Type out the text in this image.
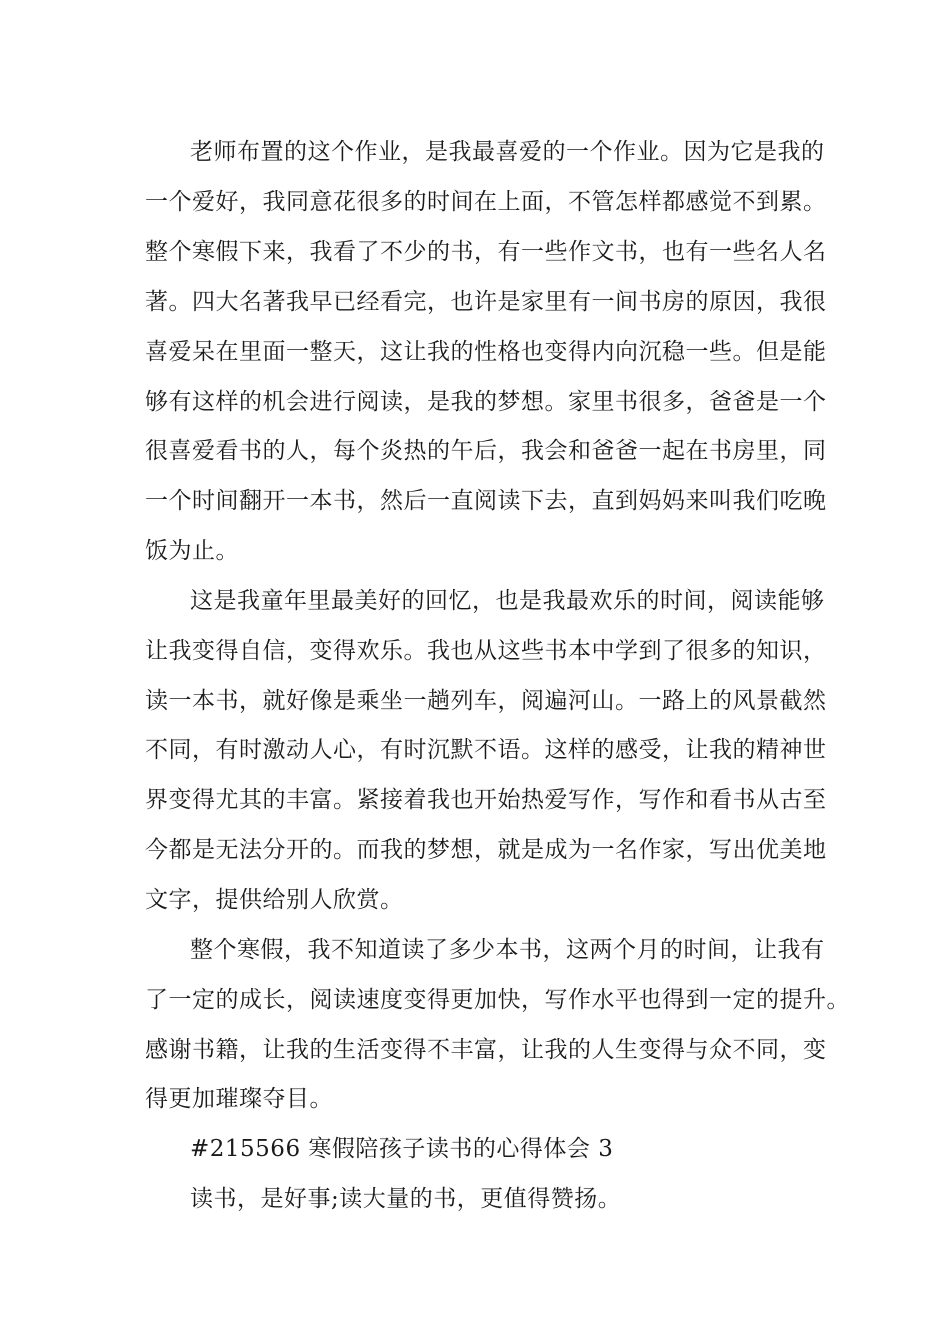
老师布置的这个作业，是我最喜爱的一个作业。因为它是我的
一个爱好，我同意花很多的时间在上面，不管怎样都感觉不到累。
整个寒假下来，我看了不少的书，有一些作文书，也有一些名人名
著。四大名著我早已经看完，也许是家里有一间书房的原因，我很
喜爱呆在里面一整天，这让我的性格也变得内向沉稳一些。但是能
够有这样的机会进行阅读，是我的梦想。家里书很多，爸爸是一个
很喜爱看书的人，每个炎热的午后，我会和爸爸一起在书房里，同
一个时间翻开一本书，然后一直阅读下去，直到妈妈来叫我们吃晚
饭为止。
这是我童年里最美好的回忆，也是我最欢乐的时间，阅读能够
让我变得自信，变得欢乐。我也从这些书本中学到了很多的知识，
读一本书，就好像是乘坐一趟列车，阅遍河山。一路上的风景截然
不同，有时激动人心，有时沉默不语。这样的感受，让我的精神世
界变得尤其的丰富。紧接着我也开始热爱写作，写作和看书从古至
今都是无法分开的。而我的梦想，就是成为一名作家，写出优美地
文字，提供给别人欣赏。
整个寒假，我不知道读了多少本书，这两个月的时间，让我有
了一定的成长，阅读速度变得更加快，写作水平也得到一定的提升。
感谢书籍，让我的生活变得不丰富，让我的人生变得与众不同，变
得更加璀璨夺目。
#215566 寒假陪孩子读书的心得体会 3
读书，是好事;读大量的书，更值得赞扬。
